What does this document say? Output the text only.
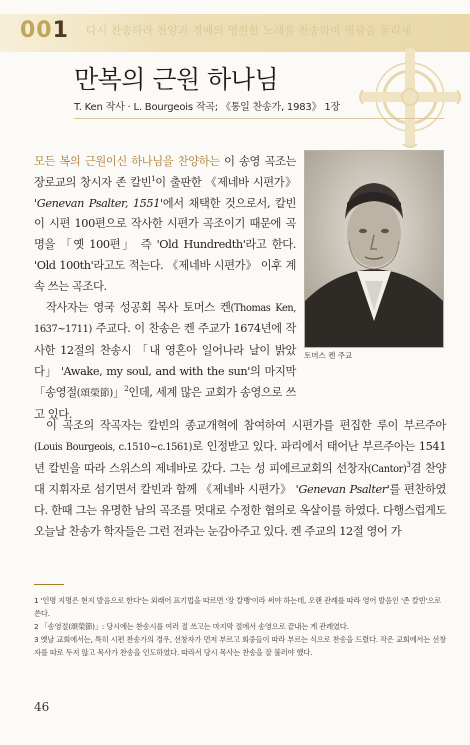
001 다시 찬송하라 찬양과 경배의 영원한 노래를 찬송하며 영광을 돌리세
만복의 근원 하나님
T. Ken 작사 · L. Bourgeois 작곡; 《통일 찬송가, 1983》 1장
모든 복의 근원이신 하나님을 찬양하는 이 송영 곡조는 장로교의 창시자 존 칼빈$^1$이 출판한 《제네바 시편가》 'Genevan Psalter, 1551'에서 채택한 것으로서, 칼빈이 시편 100편으로 작사한 시편가 곡조이기 때문에 곡명을 「옛 100편」 즉 'Old Hundredth'라고 한다. 'Old 100th'라고도 적는다. 《제네바 시편가》 이후 계속 쓰는 곡조다.
작사자는 영국 성공회 목사 토머스 켄(Thomas Ken, 1637~1711) 주교다. 이 찬송은 켄 주교가 1674년에 작사한 12절의 찬송시 「내 영혼아 일어나라 날이 밝았다」 'Awake, my soul, and with the sun'의 마지막 「송영절(頌榮節)」$^2$인데, 세계 많은 교회가 송영으로 쓰고 있다.
토머스 켄 주교
이 곡조의 작곡자는 칼빈의 종교개혁에 참여하여 시편가를 편집한 루이 부르주아(Louis Bourgeois, c.1510~c.1561)로 인정받고 있다. 파리에서 태어난 부르주아는 1541년 칼빈을 따라 스위스의 제네바로 갔다. 그는 성 피에르교회의 선창자(Cantor)$^3$겸 찬양대 지휘자로 섬기면서 칼빈과 함께 《제네바 시편가》 'Genevan Psalter'를 편찬하였다. 한때 그는 유명한 남의 곡조를 멋대로 수정한 혐의로 옥살이를 하였다. 다행스럽게도 오늘날 찬송가 학자들은 그런 전과는 눈감아주고 있다. 켄 주교의 12절 영어 가
1 '인명 지명은 현지 발음으로 한다'는 외래어 표기법을 따르면 '장 칼뱅'이라 써야 하는데, 오랜 관례를 따라 영어 발음인 '존 칼빈'으로 쓴다.
2 「송영절(頌榮節)」: 당시에는 찬송시를 여러 절 쓰고는 마지막 절에서 송영으로 끝내는 게 관례였다.
3 옛날 교회에서는, 특히 시편 찬송가의 경우, 선창자가 먼저 부르고 회중들이 따라 부르는 식으로 찬송을 드렸다. 작은 교회에서는 선창자를 따로 두지 않고 목사가 찬송을 인도하였다. 따라서 당시 목사는 찬송을 잘 불러야 했다.
46
